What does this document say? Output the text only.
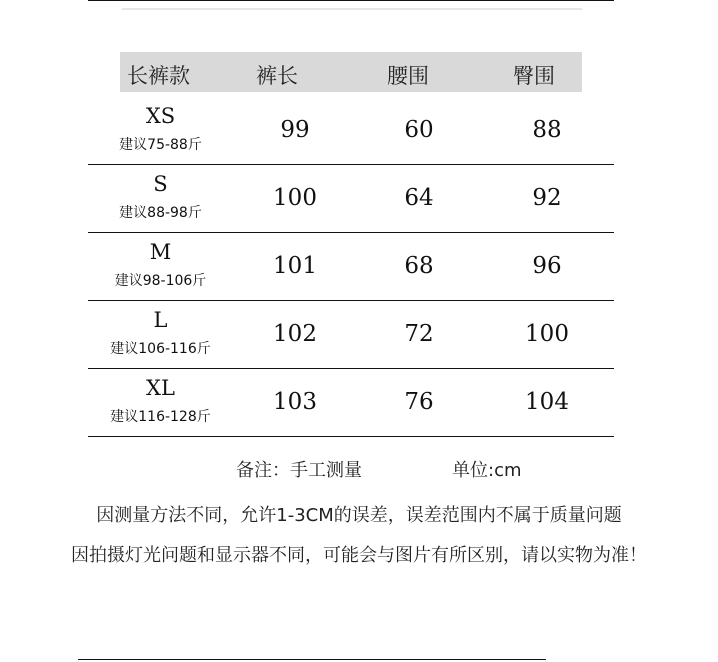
长裤款	裤长	腰围	臀围
XS
建议75-88斤
99	60	88
S
建议88-98斤
100	64	92
M
建议98-106斤
101	68	96
L
建议106-116斤
102	72	100
XL
建议116-128斤
103	76	104
备注：手工测量	单位:cm
因测量方法不同，允许1-3CM的误差，误差范围内不属于质量问题
因拍摄灯光问题和显示器不同，可能会与图片有所区别，请以实物为准！
